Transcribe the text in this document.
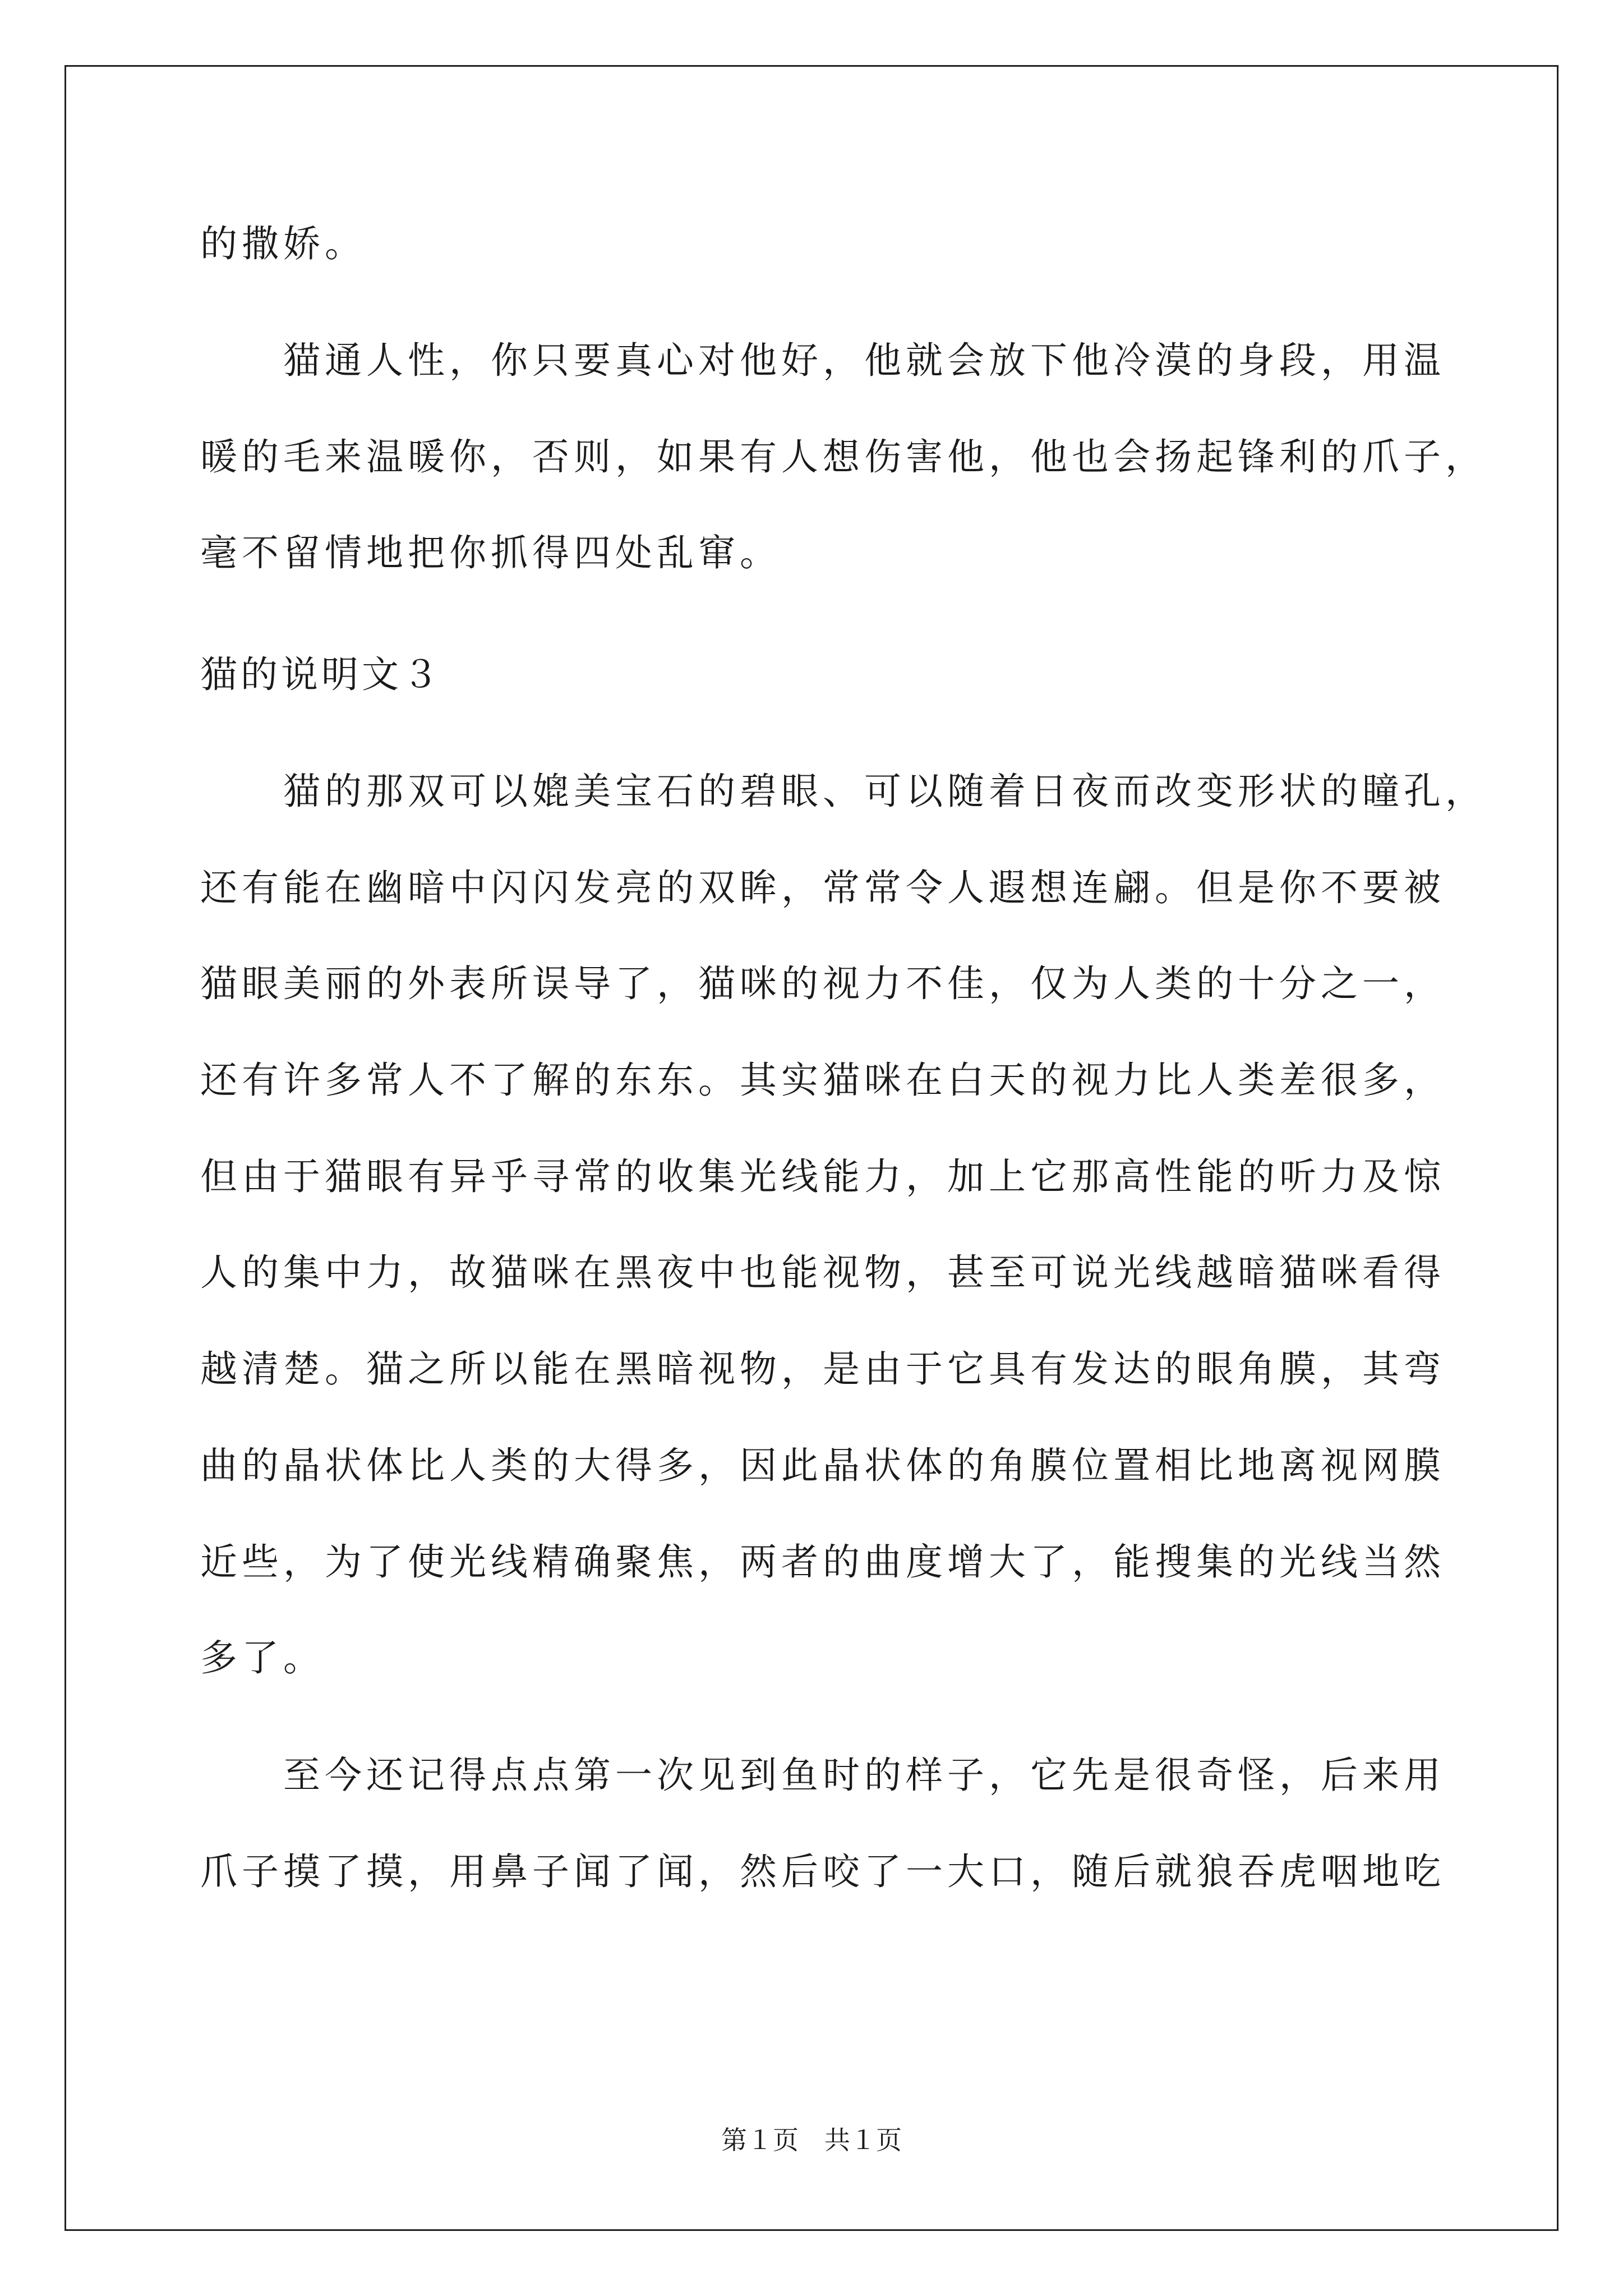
的撒娇。
猫通人性，你只要真心对他好，他就会放下他冷漠的身段，用温
暖的毛来温暖你，否则，如果有人想伤害他，他也会扬起锋利的爪子，
毫不留情地把你抓得四处乱窜。
猫的说明文３
猫的那双可以媲美宝石的碧眼、可以随着日夜而改变形状的瞳孔，
还有能在幽暗中闪闪发亮的双眸，常常令人遐想连翩。但是你不要被
猫眼美丽的外表所误导了，猫咪的视力不佳，仅为人类的十分之一，
还有许多常人不了解的东东。其实猫咪在白天的视力比人类差很多，
但由于猫眼有异乎寻常的收集光线能力，加上它那高性能的听力及惊
人的集中力，故猫咪在黑夜中也能视物，甚至可说光线越暗猫咪看得
越清楚。猫之所以能在黑暗视物，是由于它具有发达的眼角膜，其弯
曲的晶状体比人类的大得多，因此晶状体的角膜位置相比地离视网膜
近些，为了使光线精确聚焦，两者的曲度增大了，能搜集的光线当然
多了。
至今还记得点点第一次见到鱼时的样子，它先是很奇怪，后来用
爪子摸了摸，用鼻子闻了闻，然后咬了一大口，随后就狼吞虎咽地吃
第１页　共１页
